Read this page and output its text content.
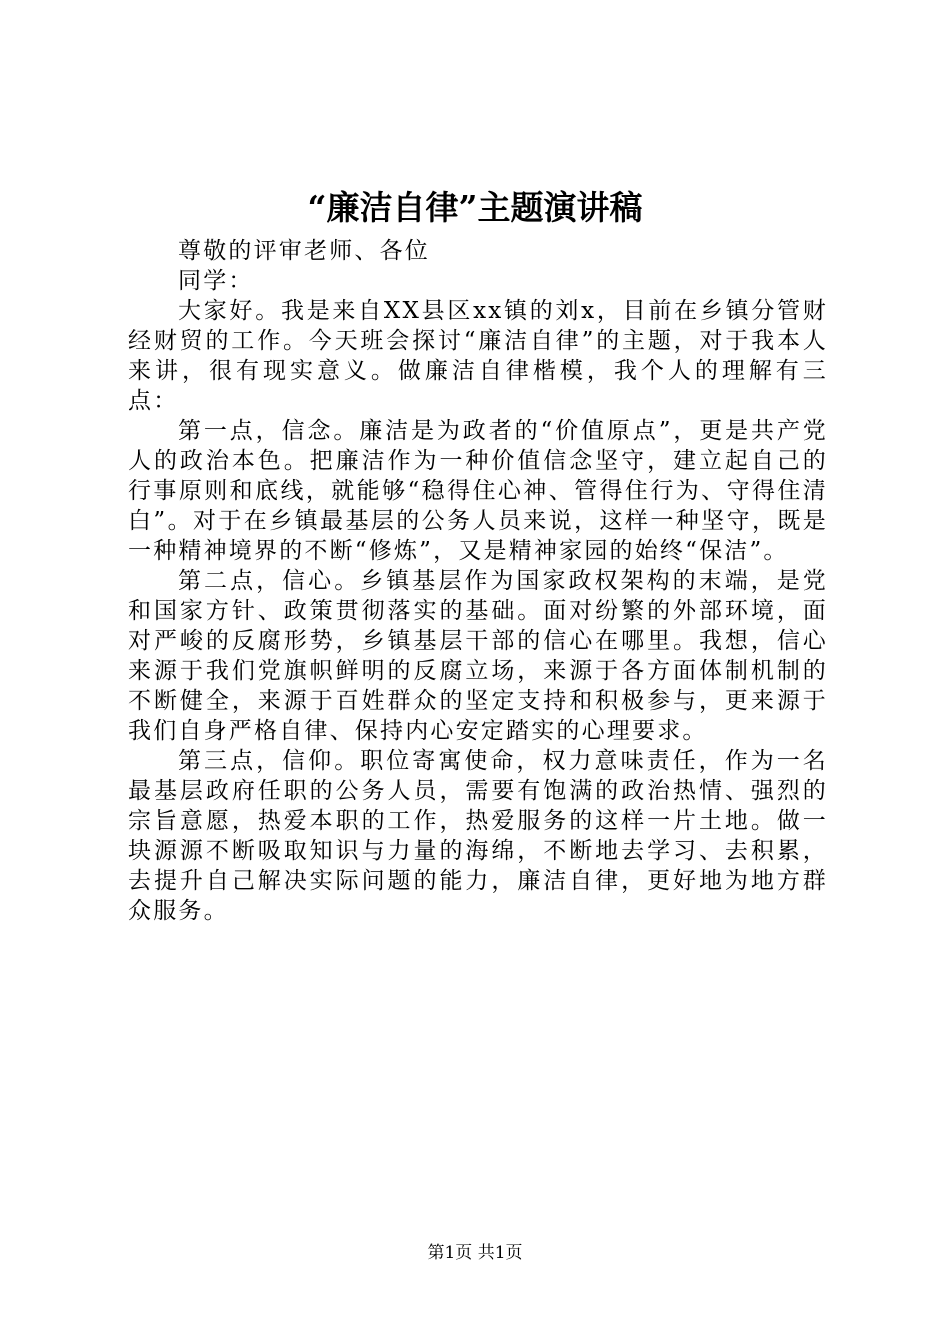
“廉洁自律”主题演讲稿

尊敬的评审老师、各位

同学：

大家好。我是来自XX县区xx镇的刘x，目前在乡镇分管财经财贸的工作。今天班会探讨“廉洁自律”的主题，对于我本人来讲，很有现实意义。做廉洁自律楷模，我个人的理解有三点：

第一点，信念。廉洁是为政者的“价值原点”，更是共产党人的政治本色。把廉洁作为一种价值信念坚守，建立起自己的行事原则和底线，就能够“稳得住心神、管得住行为、守得住清白”。对于在乡镇最基层的公务人员来说，这样一种坚守，既是一种精神境界的不断“修炼”，又是精神家园的始终“保洁”。

第二点，信心。乡镇基层作为国家政权架构的末端，是党和国家方针、政策贯彻落实的基础。面对纷繁的外部环境，面对严峻的反腐形势，乡镇基层干部的信心在哪里。我想，信心来源于我们党旗帜鲜明的反腐立场，来源于各方面体制机制的不断健全，来源于百姓群众的坚定支持和积极参与，更来源于我们自身严格自律、保持内心安定踏实的心理要求。

第三点，信仰。职位寄寓使命，权力意味责任，作为一名最基层政府任职的公务人员，需要有饱满的政治热情、强烈的宗旨意愿，热爱本职的工作，热爱服务的这样一片土地。做一块源源不断吸取知识与力量的海绵，不断地去学习、去积累，去提升自己解决实际问题的能力，廉洁自律，更好地为地方群众服务。

第1页 共1页
